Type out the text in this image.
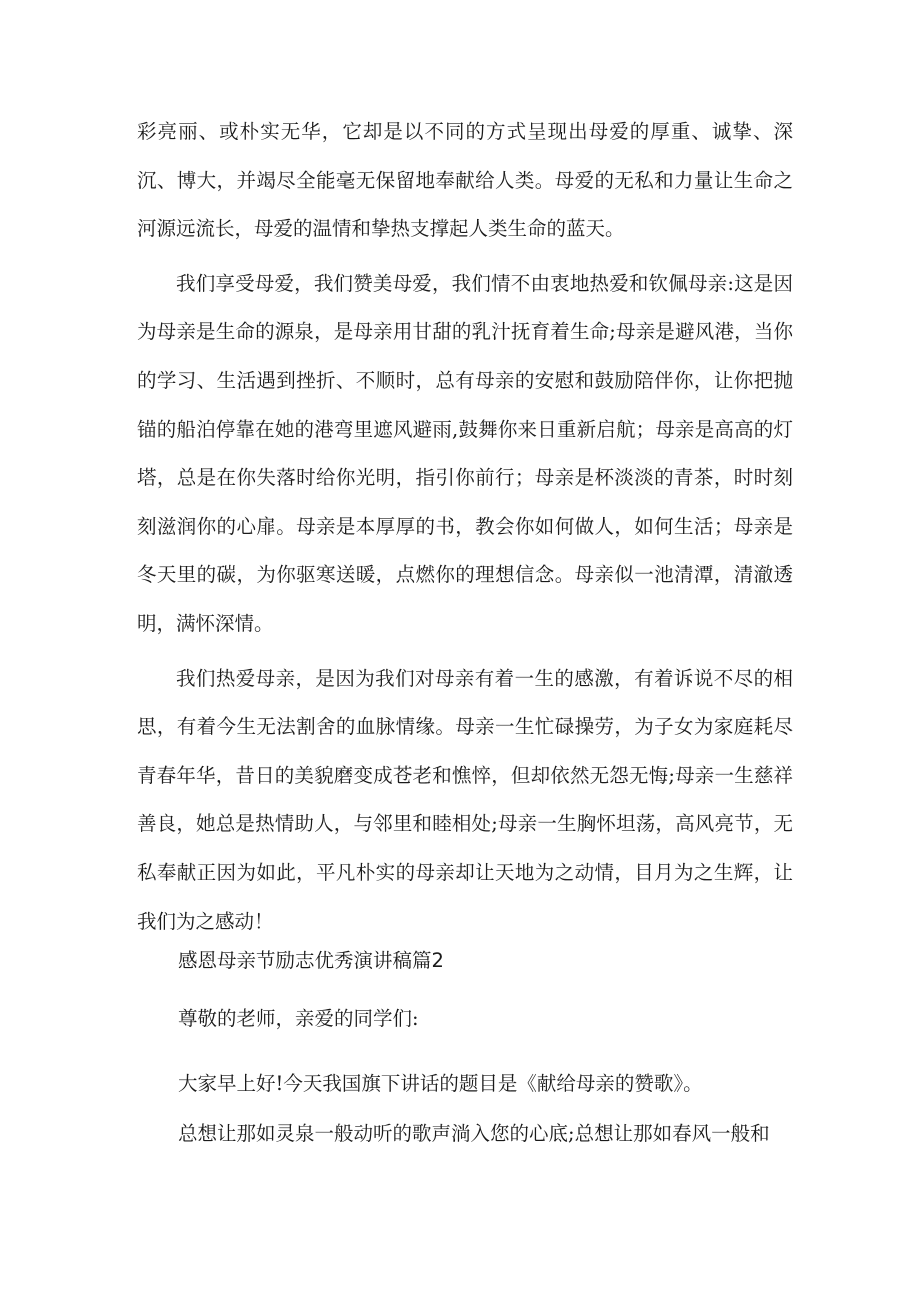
彩亮丽、或朴实无华，它却是以不同的方式呈现出母爱的厚重、诚挚、深沉、博大，并竭尽全能毫无保留地奉献给人类。母爱的无私和力量让生命之河源远流长，母爱的温情和挚热支撑起人类生命的蓝天。

我们享受母爱，我们赞美母爱，我们情不由衷地热爱和钦佩母亲:这是因为母亲是生命的源泉，是母亲用甘甜的乳汁抚育着生命;母亲是避风港，当你的学习、生活遇到挫折、不顺时，总有母亲的安慰和鼓励陪伴你，让你把抛锚的船泊停靠在她的港弯里遮风避雨,鼓舞你来日重新启航；母亲是高高的灯塔，总是在你失落时给你光明，指引你前行；母亲是杯淡淡的青茶，时时刻刻滋润你的心扉。母亲是本厚厚的书，教会你如何做人，如何生活；母亲是冬天里的碳，为你驱寒送暖，点燃你的理想信念。母亲似一池清潭，清澈透明，满怀深情。

我们热爱母亲，是因为我们对母亲有着一生的感激，有着诉说不尽的相思，有着今生无法割舍的血脉情缘。母亲一生忙碌操劳，为子女为家庭耗尽青春年华，昔日的美貌磨变成苍老和憔悴，但却依然无怨无悔;母亲一生慈祥善良，她总是热情助人，与邻里和睦相处;母亲一生胸怀坦荡，高风亮节，无私奉献正因为如此，平凡朴实的母亲却让天地为之动情，目月为之生辉，让我们为之感动！

感恩母亲节励志优秀演讲稿篇2

尊敬的老师，亲爱的同学们:

大家早上好!今天我国旗下讲话的题目是《献给母亲的赞歌》。

总想让那如灵泉一般动听的歌声淌入您的心底;总想让那如春风一般和
